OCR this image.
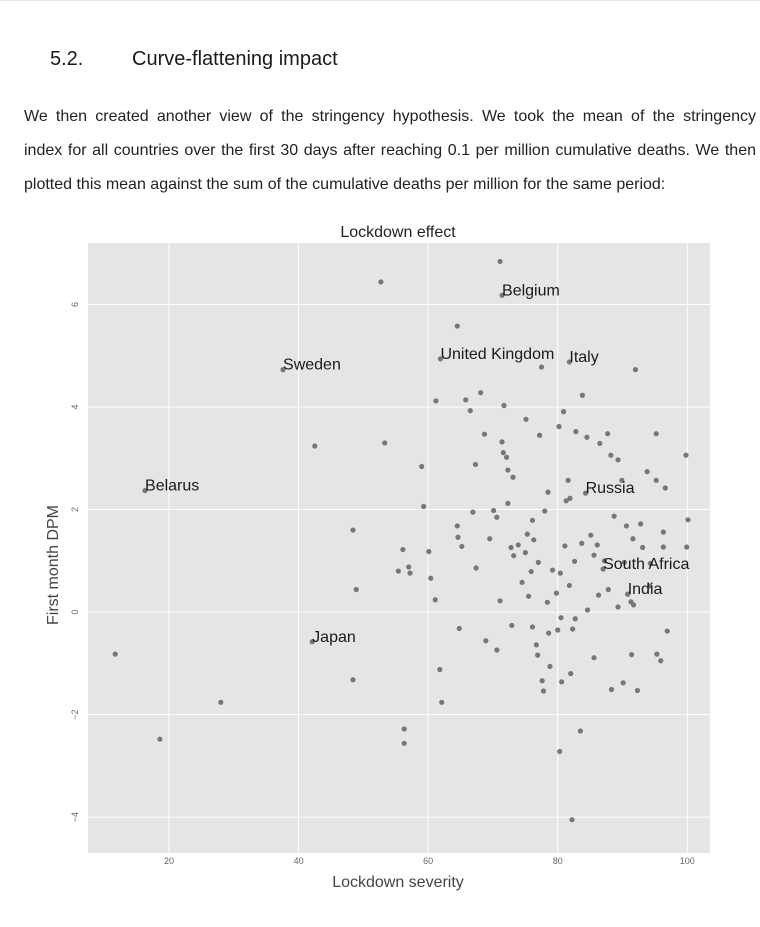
5.2. Curve-flattening impact
We then created another view of the stringency hypothesis. We took the mean of the stringency
index for all countries over the first 30 days after reaching 0.1 per million cumulative deaths. We then
plotted this mean against the sum of the cumulative deaths per million for the same period:
Lockdown effect
20	40	60	80	100
−4
−2
0
2
4
6
Belgium
United Kingdom Italy
Sweden
Belarus	Russia
South Africa
India
Japan
Lockdown severity
First month DPM
